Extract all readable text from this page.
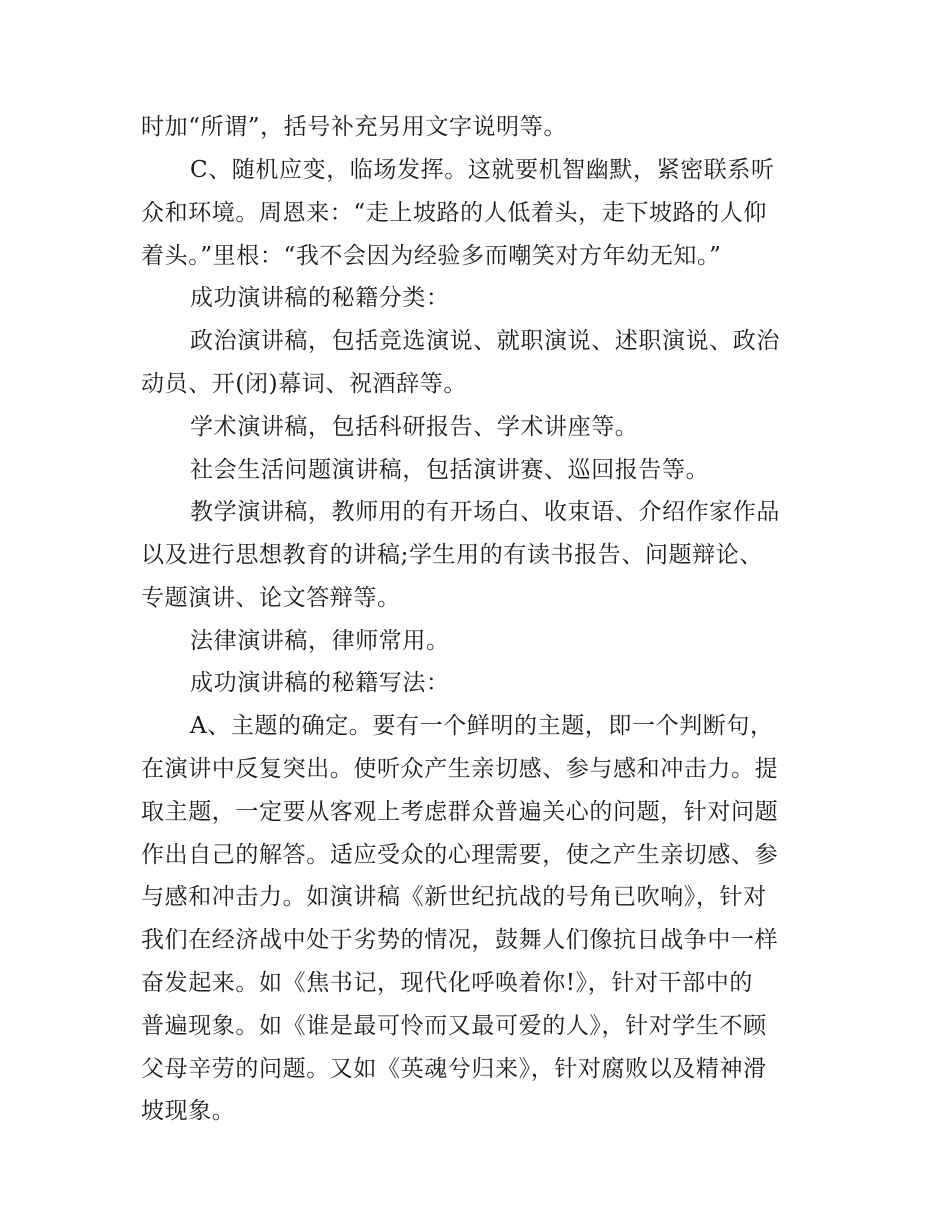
时加“所谓”，括号补充另用文字说明等。
C、随机应变，临场发挥。这就要机智幽默，紧密联系听
众和环境。周恩来：“走上坡路的人低着头，走下坡路的人仰
着头。”里根：“我不会因为经验多而嘲笑对方年幼无知。”
成功演讲稿的秘籍分类：
政治演讲稿，包括竞选演说、就职演说、述职演说、政治
动员、开(闭)幕词、祝酒辞等。
学术演讲稿，包括科研报告、学术讲座等。
社会生活问题演讲稿，包括演讲赛、巡回报告等。
教学演讲稿，教师用的有开场白、收束语、介绍作家作品
以及进行思想教育的讲稿;学生用的有读书报告、问题辩论、
专题演讲、论文答辩等。
法律演讲稿，律师常用。
成功演讲稿的秘籍写法：
A、主题的确定。要有一个鲜明的主题，即一个判断句，
在演讲中反复突出。使听众产生亲切感、参与感和冲击力。提
取主题，一定要从客观上考虑群众普遍关心的问题，针对问题
作出自己的解答。适应受众的心理需要，使之产生亲切感、参
与感和冲击力。如演讲稿《新世纪抗战的号角已吹响》，针对
我们在经济战中处于劣势的情况，鼓舞人们像抗日战争中一样
奋发起来。如《焦书记，现代化呼唤着你!》，针对干部中的
普遍现象。如《谁是最可怜而又最可爱的人》，针对学生不顾
父母辛劳的问题。又如《英魂兮归来》，针对腐败以及精神滑
坡现象。
